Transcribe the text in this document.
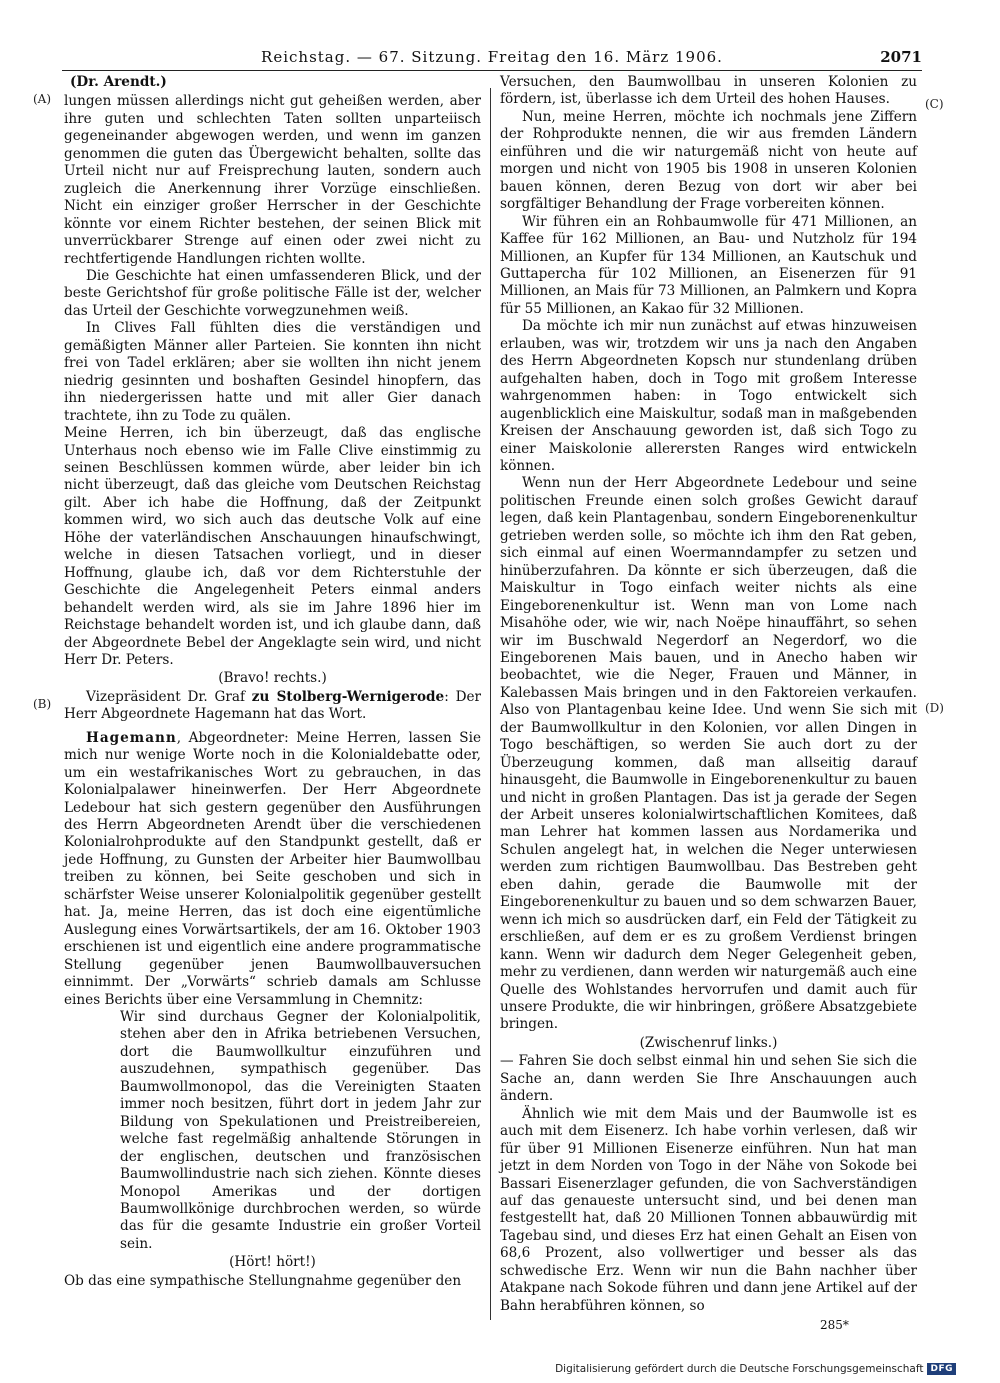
Reichstag. — 67. Sitzung. Freitag den 16. März 1906.	2071
(A)
(B)
(C)
(D)
(Dr. Arendt.)

lungen müssen allerdings nicht gut geheißen werden, aber ihre guten und schlechten Taten sollten unparteiisch gegeneinander abgewogen werden, und wenn im ganzen genommen die guten das Übergewicht behalten, sollte das Urteil nicht nur auf Freisprechung lauten, sondern auch zugleich die Anerkennung ihrer Vorzüge einschließen. Nicht ein einziger großer Herrscher in der Geschichte könnte vor einem Richter bestehen, der seinen Blick mit unverrückbarer Strenge auf einen oder zwei nicht zu rechtfertigende Handlungen richten wollte.

Die Geschichte hat einen umfassenderen Blick, und der beste Gerichtshof für große politische Fälle ist der, welcher das Urteil der Geschichte vorwegzunehmen weiß.

In Clives Fall fühlten dies die verständigen und gemäßigten Männer aller Parteien. Sie konnten ihn nicht frei von Tadel erklären; aber sie wollten ihn nicht jenem niedrig gesinnten und boshaften Gesindel hinopfern, das ihn niedergerissen hatte und mit aller Gier danach trachtete, ihn zu Tode zu quälen.

Meine Herren, ich bin überzeugt, daß das englische Unterhaus noch ebenso wie im Falle Clive einstimmig zu seinen Beschlüssen kommen würde, aber leider bin ich nicht überzeugt, daß das gleiche vom Deutschen Reichstag gilt. Aber ich habe die Hoffnung, daß der Zeitpunkt kommen wird, wo sich auch das deutsche Volk auf eine Höhe der vaterländischen Anschauungen hinaufschwingt, welche in diesen Tatsachen vorliegt, und in dieser Hoffnung, glaube ich, daß vor dem Richterstuhle der Geschichte die Angelegenheit Peters einmal anders behandelt werden wird, als sie im Jahre 1896 hier im Reichstage behandelt worden ist, und ich glaube dann, daß der Abgeordnete Bebel der Angeklagte sein wird, und nicht Herr Dr. Peters.

(Bravo! rechts.)

Vizepräsident Dr. Graf zu Stolberg-Wernigerode: Der Herr Abgeordnete Hagemann hat das Wort.

Hagemann, Abgeordneter: Meine Herren, lassen Sie mich nur wenige Worte noch in die Kolonialdebatte oder, um ein westafrikanisches Wort zu gebrauchen, in das Kolonialpalawer hineinwerfen. Der Herr Abgeordnete Ledebour hat sich gestern gegenüber den Ausführungen des Herrn Abgeordneten Arendt über die verschiedenen Kolonialrohprodukte auf den Standpunkt gestellt, daß er jede Hoffnung, zu Gunsten der Arbeiter hier Baumwollbau treiben zu können, bei Seite geschoben und sich in schärfster Weise unserer Kolonialpolitik gegenüber gestellt hat. Ja, meine Herren, das ist doch eine eigentümliche Auslegung eines Vorwärtsartikels, der am 16. Oktober 1903 erschienen ist und eigentlich eine andere programmatische Stellung gegenüber jenen Baumwollbauversuchen einnimmt. Der „Vorwärts“ schrieb damals am Schlusse eines Berichts über eine Versammlung in Chemnitz:

Wir sind durchaus Gegner der Kolonialpolitik, stehen aber den in Afrika betriebenen Versuchen, dort die Baumwollkultur einzuführen und auszudehnen, sympathisch gegenüber. Das Baumwollmonopol, das die Vereinigten Staaten immer noch besitzen, führt dort in jedem Jahr zur Bildung von Spekulationen und Preistreibereien, welche fast regelmäßig anhaltende Störungen in der englischen, deutschen und französischen Baumwollindustrie nach sich ziehen. Könnte dieses Monopol Amerikas und der dortigen Baumwollkönige durchbrochen werden, so würde das für die gesamte Industrie ein großer Vorteil sein.

(Hört! hört!)

Ob das eine sympathische Stellungnahme gegenüber den

Versuchen, den Baumwollbau in unseren Kolonien zu fördern, ist, überlasse ich dem Urteil des hohen Hauses.

Nun, meine Herren, möchte ich nochmals jene Ziffern der Rohprodukte nennen, die wir aus fremden Ländern einführen und die wir naturgemäß nicht von heute auf morgen und nicht von 1905 bis 1908 in unseren Kolonien bauen können, deren Bezug von dort wir aber bei sorgfältiger Behandlung der Frage vorbereiten können.

Wir führen ein an Rohbaumwolle für 471 Millionen, an Kaffee für 162 Millionen, an Bau- und Nutzholz für 194 Millionen, an Kupfer für 134 Millionen, an Kautschuk und Guttapercha für 102 Millionen, an Eisenerzen für 91 Millionen, an Mais für 73 Millionen, an Palmkern und Kopra für 55 Millionen, an Kakao für 32 Millionen.

Da möchte ich mir nun zunächst auf etwas hinzuweisen erlauben, was wir, trotzdem wir uns ja nach den Angaben des Herrn Abgeordneten Kopsch nur stundenlang drüben aufgehalten haben, doch in Togo mit großem Interesse wahrgenommen haben: in Togo entwickelt sich augenblicklich eine Maiskultur, sodaß man in maßgebenden Kreisen der Anschauung geworden ist, daß sich Togo zu einer Maiskolonie allerersten Ranges wird entwickeln können.

Wenn nun der Herr Abgeordnete Ledebour und seine politischen Freunde einen solch großes Gewicht darauf legen, daß kein Plantagenbau, sondern Eingeborenenkultur getrieben werden solle, so möchte ich ihm den Rat geben, sich einmal auf einen Woermanndampfer zu setzen und hinüberzufahren. Da könnte er sich überzeugen, daß die Maiskultur in Togo einfach weiter nichts als eine Eingeborenenkultur ist. Wenn man von Lome nach Misahöhe oder, wie wir, nach Noëpe hinauffährt, so sehen wir im Buschwald Negerdorf an Negerdorf, wo die Eingeborenen Mais bauen, und in Anecho haben wir beobachtet, wie die Neger, Frauen und Männer, in Kalebassen Mais bringen und in den Faktoreien verkaufen. Also von Plantagenbau keine Idee. Und wenn Sie sich mit der Baumwollkultur in den Kolonien, vor allen Dingen in Togo beschäftigen, so werden Sie auch dort zu der Überzeugung kommen, daß man allseitig darauf hinausgeht, die Baumwolle in Eingeborenenkultur zu bauen und nicht in großen Plantagen. Das ist ja gerade der Segen der Arbeit unseres kolonialwirtschaftlichen Komitees, daß man Lehrer hat kommen lassen aus Nordamerika und Schulen angelegt hat, in welchen die Neger unterwiesen werden zum richtigen Baumwollbau. Das Bestreben geht eben dahin, gerade die Baumwolle mit der Eingeborenenkultur zu bauen und so dem schwarzen Bauer, wenn ich mich so ausdrücken darf, ein Feld der Tätigkeit zu erschließen, auf dem er es zu großem Verdienst bringen kann. Wenn wir dadurch dem Neger Gelegenheit geben, mehr zu verdienen, dann werden wir naturgemäß auch eine Quelle des Wohlstandes hervorrufen und damit auch für unsere Produkte, die wir hinbringen, größere Absatzgebiete bringen.

(Zwischenruf links.)

— Fahren Sie doch selbst einmal hin und sehen Sie sich die Sache an, dann werden Sie Ihre Anschauungen auch ändern.

Ähnlich wie mit dem Mais und der Baumwolle ist es auch mit dem Eisenerz. Ich habe vorhin verlesen, daß wir für über 91 Millionen Eisenerze einführen. Nun hat man jetzt in dem Norden von Togo in der Nähe von Sokode bei Bassari Eisenerzlager gefunden, die von Sachverständigen auf das genaueste untersucht sind, und bei denen man festgestellt hat, daß 20 Millionen Tonnen abbauwürdig mit Tagebau sind, und dieses Erz hat einen Gehalt an Eisen von 68,6 Prozent, also vollwertiger und besser als das schwedische Erz. Wenn wir nun die Bahn nachher über Atakpane nach Sokode führen und dann jene Artikel auf der Bahn herabführen können, so

285*
Digitalisierung gefördert durch die Deutsche Forschungsgemeinschaft DFG
